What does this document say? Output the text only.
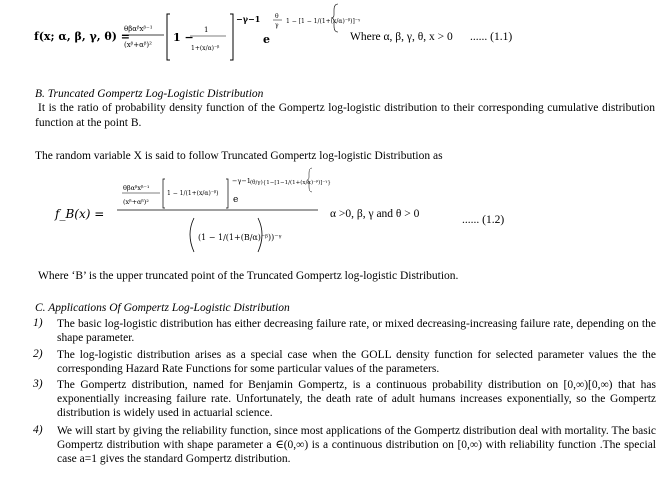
f(x; α, β, γ, θ) =
θβαᵝxᵝ⁻¹
(xᵝ+αᵝ)²
1 −
1
1+(x/α)⁻ᵝ
−γ−1
e
θ
γ
1 − [1 − 1/(1+(x/α)⁻ᵝ)]⁻ᵞ
Where α, β, γ, θ, x > 0 ...... (1.1)
B. Truncated Gompertz Log-Logistic Distribution
It is the ratio of probability density function of the Gompertz log-logistic distribution to their corresponding cumulative distribution function at the point B.
The random variable X is said to follow Truncated Gompertz log-logistic Distribution as
f_B(x) =
θβαᵝxᵝ⁻¹
(xᵝ+αᵝ)²
1 − 1/(1+(x/α)⁻ᵝ)
−γ−1
e
(θ/γ){1−[1−1/(1+(x/α)⁻ᵝ)]⁻ᵞ}
(1 − 1/(1+(B/α)⁻ᵝ))⁻ᵞ
α >0, β, γ and θ > 0	...... (1.2)
Where ‘B’ is the upper truncated point of the Truncated Gompertz log-logistic Distribution.
C. Applications Of Gompertz Log-Logistic Distribution
1) The basic log-logistic distribution has either decreasing failure rate, or mixed decreasing-increasing failure rate, depending on the shape parameter.
2) The log-logistic distribution arises as a special case when the GOLL density function for selected parameter values the the corresponding Hazard Rate Functions for some particular values of the parameters.
3) The Gompertz distribution, named for Benjamin Gompertz, is a continuous probability distribution on [0,∞)[0,∞) that has exponentially increasing failure rate. Unfortunately, the death rate of adult humans increases exponentially, so the Gompertz distribution is widely used in actuarial science.
4) We will start by giving the reliability function, since most applications of the Gompertz distribution deal with mortality. The basic Gompertz distribution with shape parameter a ∈(0,∞) is a continuous distribution on [0,∞) with reliability function .The special case a=1 gives the standard Gompertz distribution.
